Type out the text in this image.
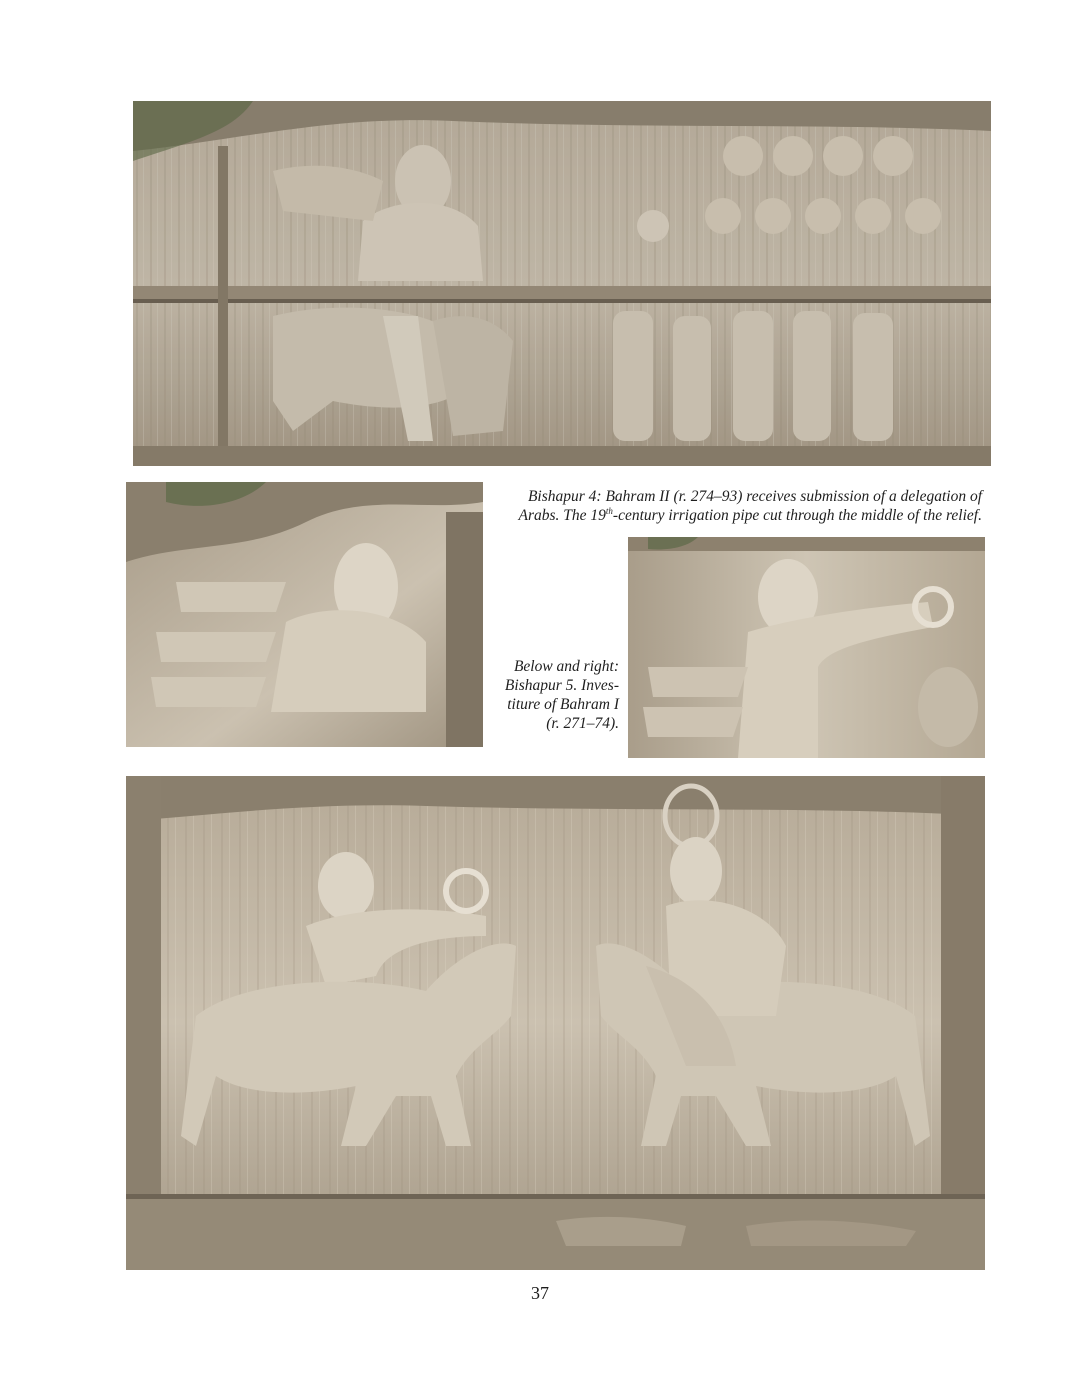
Bishapur 4: Bahram II (r. 274–93) receives submission of a delegation of
Arabs. The 19th-century irrigation pipe cut through the middle of the relief.
Below and right:
Bishapur 5. Inves-
titure of Bahram I
(r. 271–74).
37
